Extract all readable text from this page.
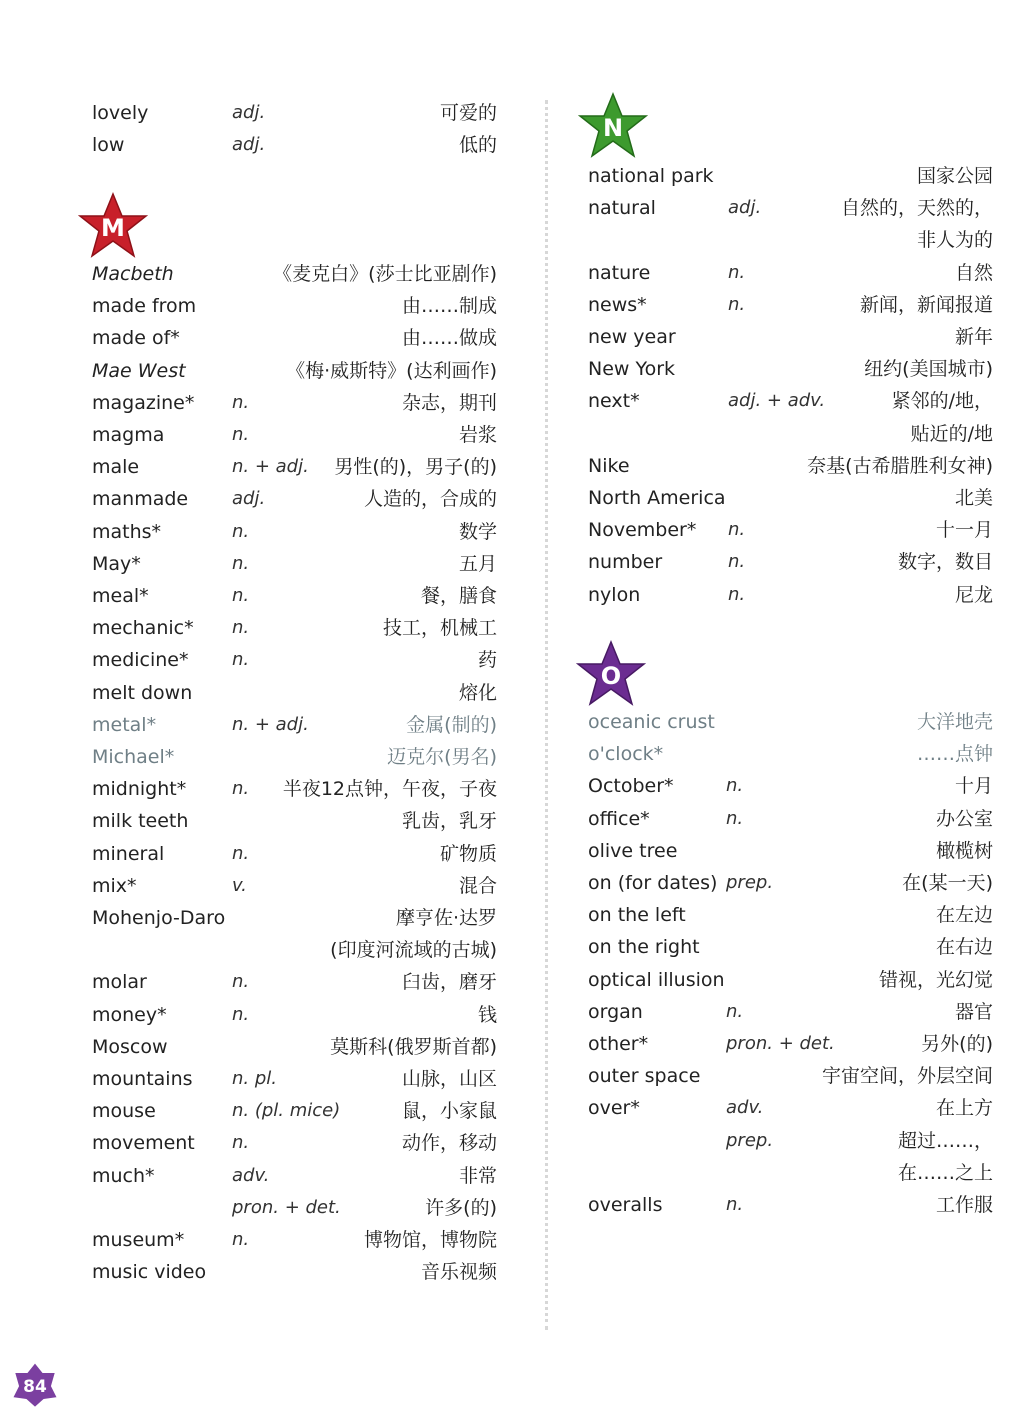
lovely	adj.	可爱的
low	adj.	低的
Macbeth	《麦克白》(莎士比亚剧作)
made from	由……制成
made of*	由……做成
Mae West	《梅·威斯特》(达利画作)
magazine* n.	杂志，期刊
magma	n.	岩浆
male	n. + adj. 男性(的)，男子(的)
manmade adj.	人造的，合成的
maths*	n.	数学
May*	n.	五月
meal*	n.	餐，膳食
mechanic* n.	技工，机械工
medicine* n.	药
melt down	熔化
metal*	n. + adj.	金属(制的)
Michael*	迈克尔(男名)
midnight*	n. 半夜12点钟，午夜，子夜
milk teeth	乳齿，乳牙
mineral	n.	矿物质
mix*	v.	混合
Mohenjo-Daro	摩亨佐·达罗
(印度河流域的古城)
molar	n.	臼齿，磨牙
money*	n.	钱
Moscow	莫斯科(俄罗斯首都)
mountains n. pl.	山脉，山区
mouse	n. (pl. mice)	鼠，小家鼠
movement n.	动作，移动
much*	adv.	非常
pron. + det.	许多(的)
museum*	n.	博物馆，博物院
music video	音乐视频
national park	国家公园
natural	adj.	自然的，天然的，
非人为的
nature	n.	自然
news*	n.	新闻，新闻报道
new year	新年
New York	纽约(美国城市)
next*	adj. + adv.	紧邻的/地，
贴近的/地
Nike	奈基(古希腊胜利女神)
North America	北美
November* n.	十一月
number	n.	数字，数目
nylon	n.	尼龙
oceanic crust	大洋地壳
o'clock*	……点钟
October*	n.	十月
office*	n.	办公室
olive tree	橄榄树
on (for dates) prep.	在(某一天)
on the left	在左边
on the right	在右边
optical illusion	错视，光幻觉
organ	n.	器官
other*	pron. + det.	另外(的)
outer space	宇宙空间，外层空间
over*	adv.	在上方
prep.	超过……，
在……之上
overalls	n.	工作服
M
N
O
84
